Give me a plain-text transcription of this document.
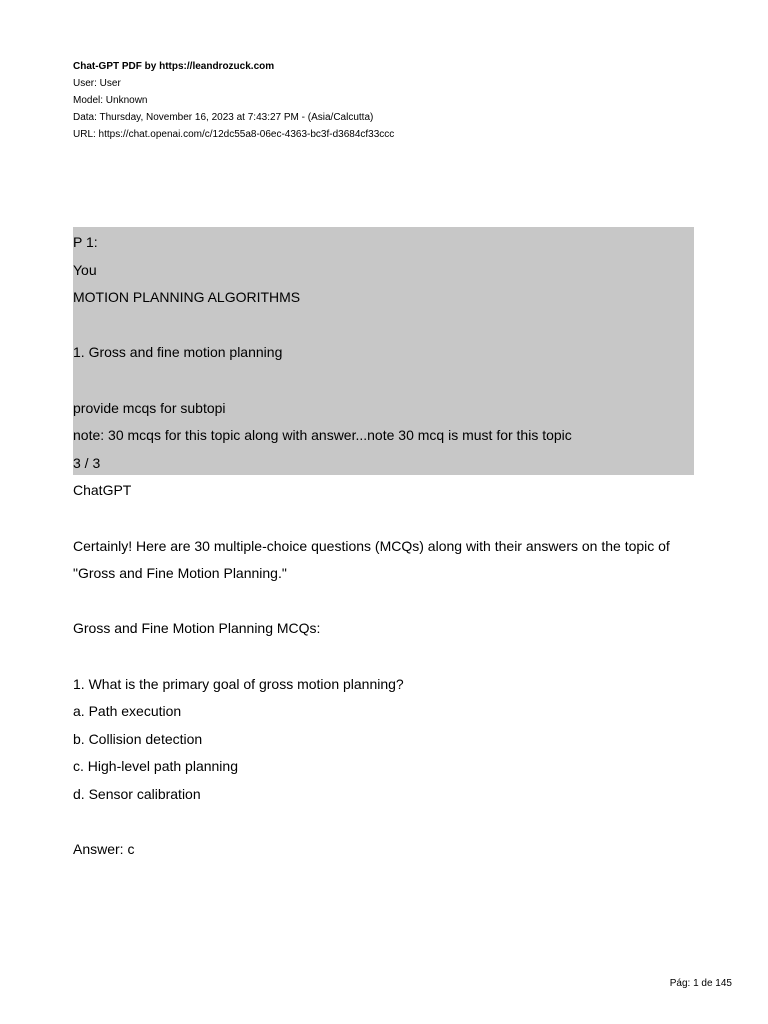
Chat-GPT PDF by https://leandrozuck.com
User: User
Model: Unknown
Data: Thursday, November 16, 2023 at 7:43:27 PM - (Asia/Calcutta)
URL: https://chat.openai.com/c/12dc55a8-06ec-4363-bc3f-d3684cf33ccc
P 1:
You
MOTION PLANNING ALGORITHMS
1. Gross and fine motion planning
provide mcqs for subtopi
note: 30 mcqs for this topic along with answer...note 30 mcq is must for this topic
3 / 3
ChatGPT
Certainly! Here are 30 multiple-choice questions (MCQs) along with their answers on the topic of
"Gross and Fine Motion Planning."
Gross and Fine Motion Planning MCQs:
1. What is the primary goal of gross motion planning?
a. Path execution
b. Collision detection
c. High-level path planning
d. Sensor calibration
Answer: c
Pág: 1 de 145
